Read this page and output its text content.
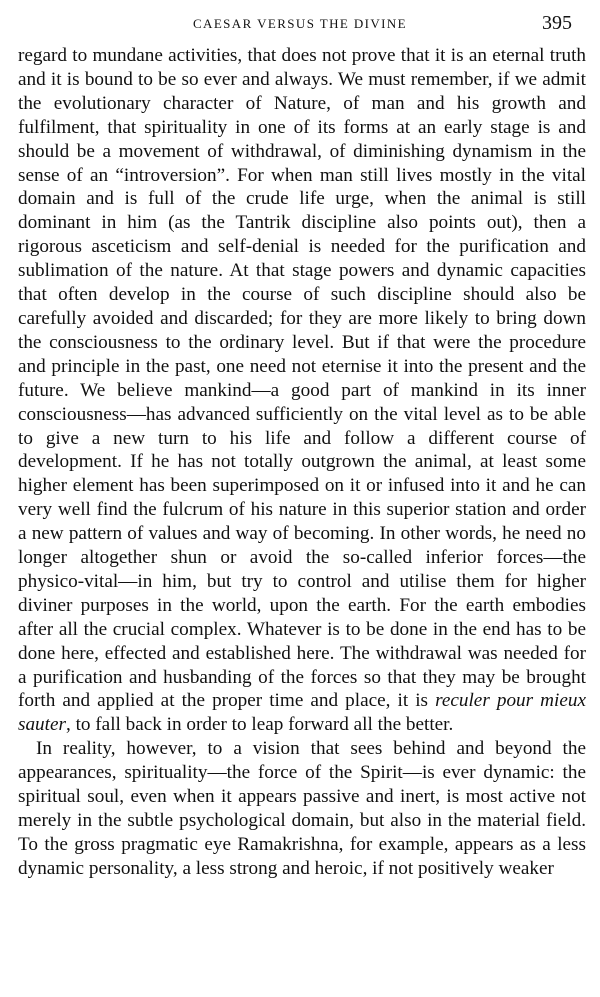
CAESAR VERSUS THE DIVINE	395

regard to mundane activities, that does not prove that it is an eternal truth and it is bound to be so ever and always. We must remember, if we admit the evolutionary character of Nature, of man and his growth and fulfilment, that spirituality in one of its forms at an early stage is and should be a movement of withdrawal, of diminishing dynamism in the sense of an “introversion”. For when man still lives mostly in the vital domain and is full of the crude life urge, when the animal is still dominant in him (as the Tantrik discipline also points out), then a rigorous asceticism and self-denial is needed for the purification and sublimation of the nature. At that stage powers and dynamic capacities that often develop in the course of such discipline should also be carefully avoided and discarded; for they are more likely to bring down the consciousness to the ordinary level. But if that were the procedure and principle in the past, one need not eternise it into the present and the future. We believe mankind—a good part of mankind in its inner consciousness—has advanced sufficiently on the vital level as to be able to give a new turn to his life and follow a different course of development. If he has not totally outgrown the animal, at least some higher element has been superimposed on it or infused into it and he can very well find the fulcrum of his nature in this superior station and order a new pattern of values and way of becoming. In other words, he need no longer altogether shun or avoid the so-called inferior forces—the physico-vital—in him, but try to control and utilise them for higher diviner purposes in the world, upon the earth. For the earth embodies after all the crucial complex. Whatever is to be done in the end has to be done here, effected and established here. The withdrawal was needed for a purification and husbanding of the forces so that they may be brought forth and applied at the proper time and place, it is reculer pour mieux sauter, to fall back in order to leap forward all the better.

In reality, however, to a vision that sees behind and beyond the appearances, spirituality—the force of the Spirit—is ever dynamic: the spiritual soul, even when it appears passive and inert, is most active not merely in the subtle psychological domain, but also in the material field. To the gross pragmatic eye Ramakrishna, for example, appears as a less dynamic personality, a less strong and heroic, if not positively weaker
